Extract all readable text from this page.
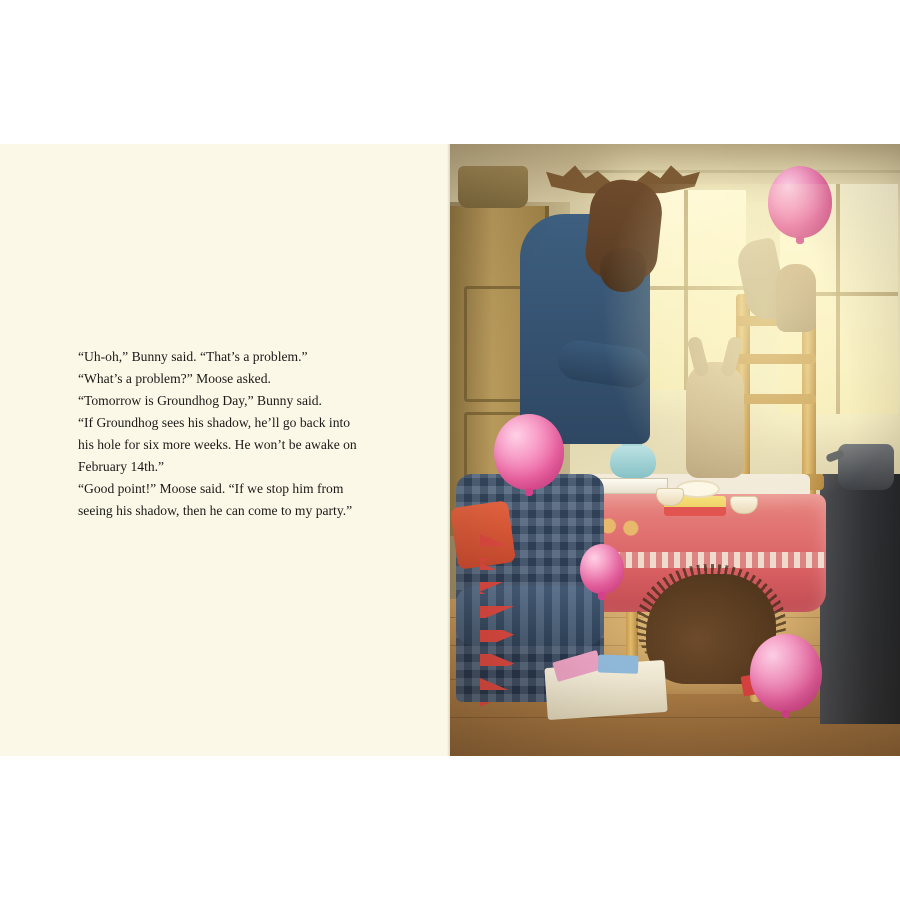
“Uh-oh,” Bunny said. “That’s a problem.”

“What’s a problem?” Moose asked.

“Tomorrow is Groundhog Day,” Bunny said.

“If Groundhog sees his shadow, he’ll go back into

his hole for six more weeks. He won’t be awake on

February 14th.”

“Good point!” Moose said. “If we stop him from

seeing his shadow, then he can come to my party.”
